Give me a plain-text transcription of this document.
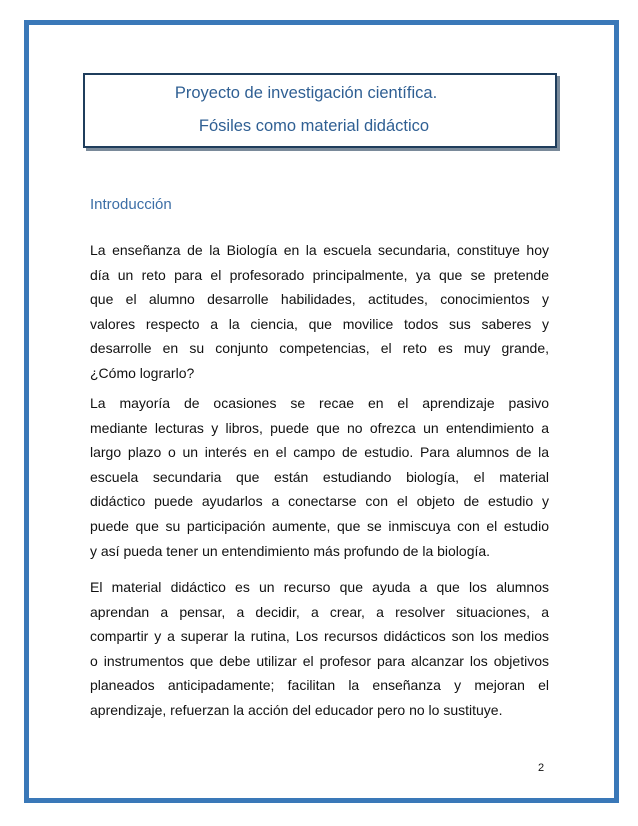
Proyecto de investigación científica.
Fósiles como material didáctico
Introducción
La enseñanza de la Biología en la escuela secundaria, constituye hoy
día un reto para el profesorado principalmente, ya que se pretende
que el alumno desarrolle habilidades, actitudes, conocimientos y
valores respecto a la ciencia, que movilice todos sus saberes y
desarrolle en su conjunto competencias, el reto es muy grande,
¿Cómo lograrlo?
La mayoría de ocasiones se recae en el aprendizaje pasivo
mediante lecturas y libros, puede que no ofrezca un entendimiento a
largo plazo o un interés en el campo de estudio. Para alumnos de la
escuela secundaria que están estudiando biología, el material
didáctico puede ayudarlos a conectarse con el objeto de estudio y
puede que su participación aumente, que se inmiscuya con el estudio
y así pueda tener un entendimiento más profundo de la biología.
El material didáctico es un recurso que ayuda a que los alumnos
aprendan a pensar, a decidir, a crear, a resolver situaciones, a
compartir y a superar la rutina, Los recursos didácticos son los medios
o instrumentos que debe utilizar el profesor para alcanzar los objetivos
planeados anticipadamente; facilitan la enseñanza y mejoran el
aprendizaje, refuerzan la acción del educador pero no lo sustituye.
2
